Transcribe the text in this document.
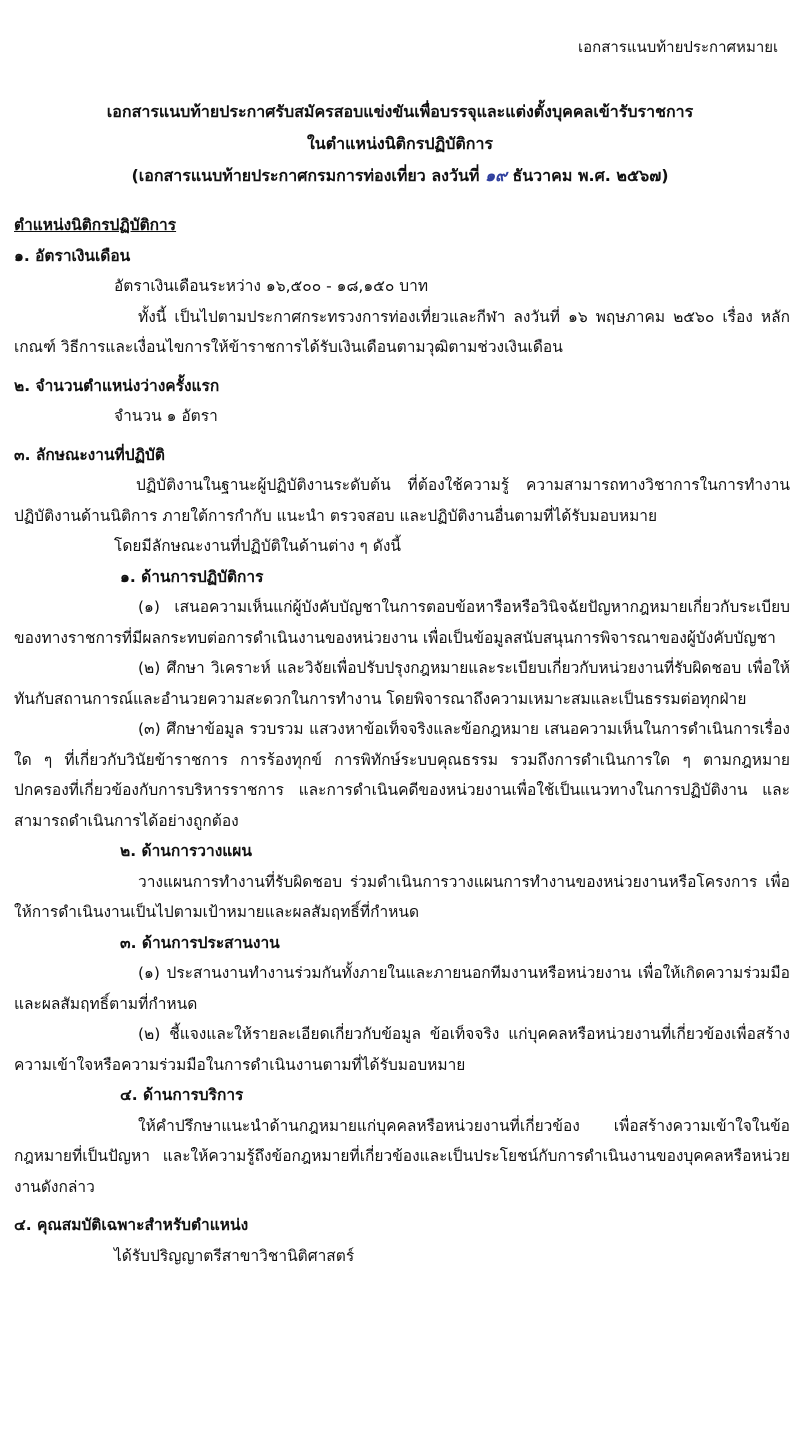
เอกสารแนบท้ายประกาศหมายเ
เอกสารแนบท้ายประกาศรับสมัครสอบแข่งขันเพื่อบรรจุและแต่งตั้งบุคคลเข้ารับราชการ
ในตำแหน่งนิติกรปฏิบัติการ
(เอกสารแนบท้ายประกาศกรมการท่องเที่ยว ลงวันที่ ๑๙ ธันวาคม พ.ศ. ๒๕๖๗)
ตำแหน่งนิติกรปฏิบัติการ
๑. อัตราเงินเดือน
อัตราเงินเดือนระหว่าง ๑๖,๕๐๐ - ๑๘,๑๕๐ บาท
ทั้งนี้ เป็นไปตามประกาศกระทรวงการท่องเที่ยวและกีฬา ลงวันที่ ๑๖ พฤษภาคม ๒๕๖๐ เรื่อง หลักเกณฑ์ วิธีการและเงื่อนไขการให้ข้าราชการได้รับเงินเดือนตามวุฒิตามช่วงเงินเดือน
๒. จำนวนตำแหน่งว่างครั้งแรก
จำนวน ๑ อัตรา
๓. ลักษณะงานที่ปฏิบัติ
ปฏิบัติงานในฐานะผู้ปฏิบัติงานระดับต้น ที่ต้องใช้ความรู้ ความสามารถทางวิชาการในการทำงาน ปฏิบัติงานด้านนิติการ ภายใต้การกำกับ แนะนำ ตรวจสอบ และปฏิบัติงานอื่นตามที่ได้รับมอบหมาย
โดยมีลักษณะงานที่ปฏิบัติในด้านต่าง ๆ ดังนี้
๑. ด้านการปฏิบัติการ
(๑) เสนอความเห็นแก่ผู้บังคับบัญชาในการตอบข้อหารือหรือวินิจฉัยปัญหากฎหมายเกี่ยวกับระเบียบของทางราชการที่มีผลกระทบต่อการดำเนินงานของหน่วยงาน เพื่อเป็นข้อมูลสนับสนุนการพิจารณาของผู้บังคับบัญชา
(๒) ศึกษา วิเคราะห์ และวิจัยเพื่อปรับปรุงกฎหมายและระเบียบเกี่ยวกับหน่วยงานที่รับผิดชอบ เพื่อให้ทันกับสถานการณ์และอำนวยความสะดวกในการทำงาน โดยพิจารณาถึงความเหมาะสมและเป็นธรรมต่อทุกฝ่าย
(๓) ศึกษาข้อมูล รวบรวม แสวงหาข้อเท็จจริงและข้อกฎหมาย เสนอความเห็นในการดำเนินการเรื่องใด ๆ ที่เกี่ยวกับวินัยข้าราชการ การร้องทุกข์ การพิทักษ์ระบบคุณธรรม รวมถึงการดำเนินการใด ๆ ตามกฎหมายปกครองที่เกี่ยวข้องกับการบริหารราชการ และการดำเนินคดีของหน่วยงานเพื่อใช้เป็นแนวทางในการปฏิบัติงาน และสามารถดำเนินการได้อย่างถูกต้อง
๒. ด้านการวางแผน
วางแผนการทำงานที่รับผิดชอบ ร่วมดำเนินการวางแผนการทำงานของหน่วยงานหรือโครงการ เพื่อให้การดำเนินงานเป็นไปตามเป้าหมายและผลสัมฤทธิ์ที่กำหนด
๓. ด้านการประสานงาน
(๑) ประสานงานทำงานร่วมกันทั้งภายในและภายนอกทีมงานหรือหน่วยงาน เพื่อให้เกิดความร่วมมือและผลสัมฤทธิ์ตามที่กำหนด
(๒) ชี้แจงและให้รายละเอียดเกี่ยวกับข้อมูล ข้อเท็จจริง แก่บุคคลหรือหน่วยงานที่เกี่ยวข้องเพื่อสร้างความเข้าใจหรือความร่วมมือในการดำเนินงานตามที่ได้รับมอบหมาย
๔. ด้านการบริการ
ให้คำปรึกษาแนะนำด้านกฎหมายแก่บุคคลหรือหน่วยงานที่เกี่ยวข้อง เพื่อสร้างความเข้าใจในข้อกฎหมายที่เป็นปัญหา และให้ความรู้ถึงข้อกฎหมายที่เกี่ยวข้องและเป็นประโยชน์กับการดำเนินงานของบุคคลหรือหน่วยงานดังกล่าว
๔. คุณสมบัติเฉพาะสำหรับตำแหน่ง
ได้รับปริญญาตรีสาขาวิชานิติศาสตร์
